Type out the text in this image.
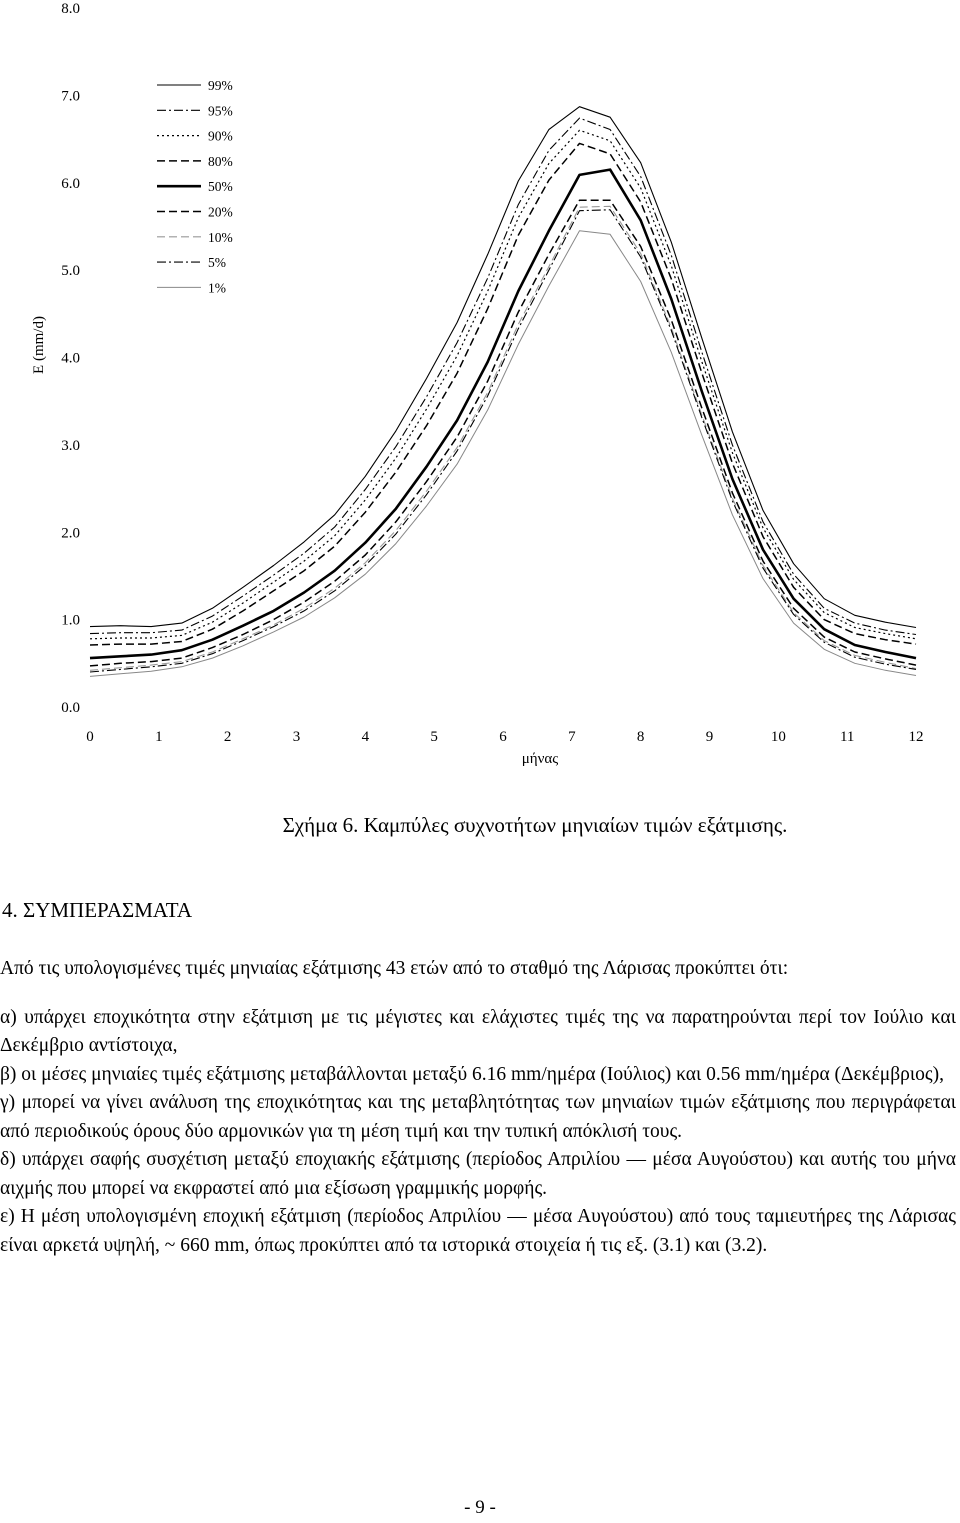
E (mm/d)
0.0
1.0
2.0
3.0
4.0
5.0
6.0
7.0
8.0
0	1	2	3	4	5	6	7	8	9	10	11	12
μήνας
99%
95%
90%
80%
50%
20%
10%
5%
1%
Σχήμα 6. Καμπύλες συχνοτήτων μηνιαίων τιμών εξάτμισης.
4. ΣΥΜΠΕΡΑΣΜΑΤΑ

Από τις υπολογισμένες τιμές μηνιαίας εξάτμισης 43 ετών από το σταθμό της Λάρισας προκύπτει ότι:

α) υπάρχει εποχικότητα στην εξάτμιση με τις μέγιστες και ελάχιστες τιμές της να παρατηρούνται περί τον Ιούλιο και Δεκέμβριο αντίστοιχα,

β) οι μέσες μηνιαίες τιμές εξάτμισης μεταβάλλονται μεταξύ 6.16 mm/ημέρα (Ιούλιος) και 0.56 mm/ημέρα (Δεκέμβριος),

γ) μπορεί να γίνει ανάλυση της εποχικότητας και της μεταβλητότητας των μηνιαίων τιμών εξάτμισης που περιγράφεται από περιοδικούς όρους δύο αρμονικών για τη μέση τιμή και την τυπική απόκλισή τους.

δ) υπάρχει σαφής συσχέτιση μεταξύ εποχιακής εξάτμισης (περίοδος Απριλίου — μέσα Αυγούστου) και αυτής του μήνα αιχμής που μπορεί να εκφραστεί από μια εξίσωση γραμμικής μορφής.

ε) Η μέση υπολογισμένη εποχική εξάτμιση (περίοδος Απριλίου — μέσα Αυγούστου) από τους ταμιευτήρες της Λάρισας είναι αρκετά υψηλή, ~ 660 mm, όπως προκύπτει από τα ιστορικά στοιχεία ή τις εξ. (3.1) και (3.2).

- 9 -
